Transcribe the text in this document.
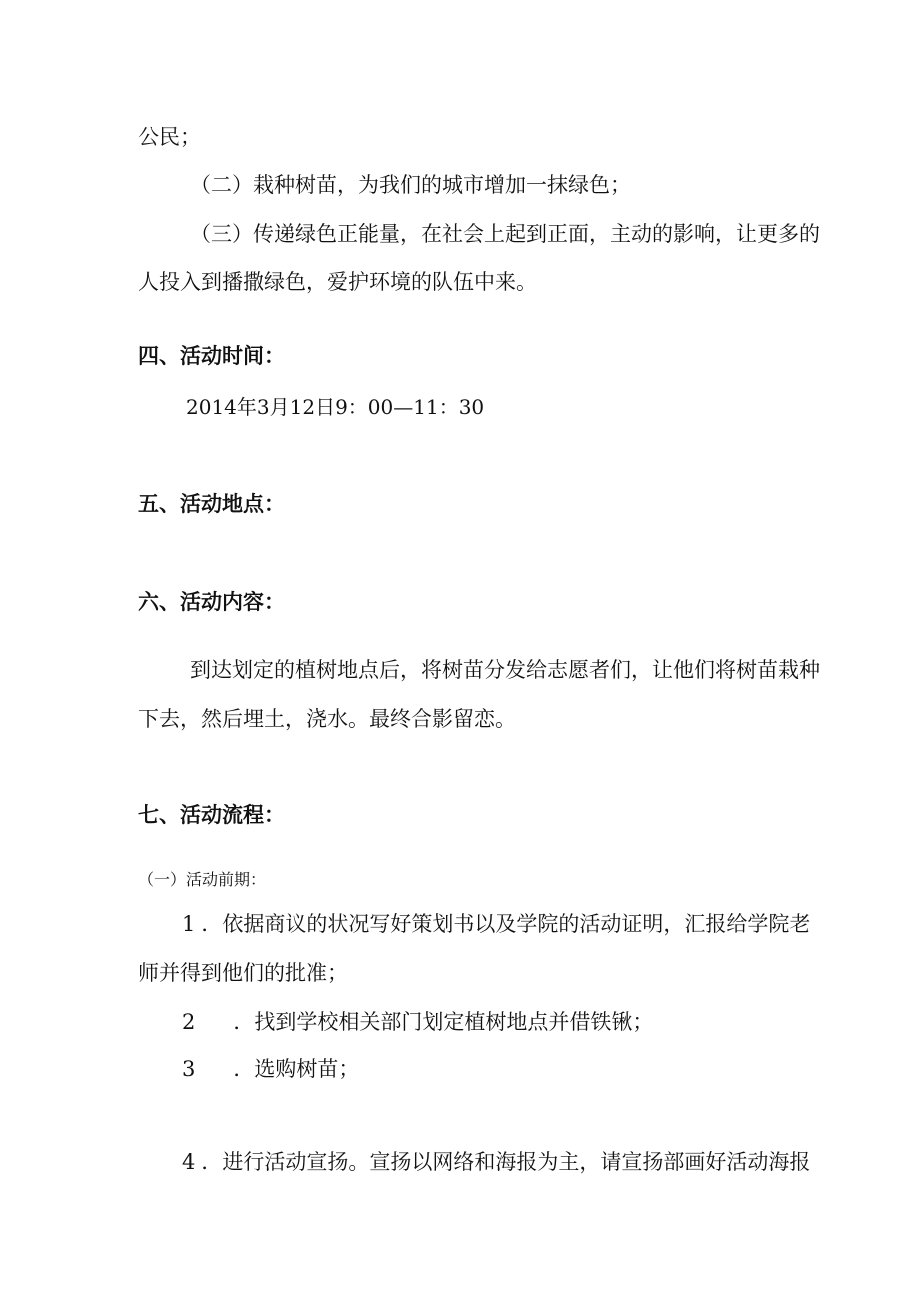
公民；
（二）栽种树苗，为我们的城市增加一抹绿色；
（三）传递绿色正能量，在社会上起到正面，主动的影响，让更多的
人投入到播撒绿色，爱护环境的队伍中来。
四、活动时间：
2014年3月12日9：00—11：30
五、活动地点：
六、活动内容：
到达划定的植树地点后，将树苗分发给志愿者们，让他们将树苗栽种
下去，然后埋土，浇水。最终合影留恋。
七、活动流程：
（一）活动前期：
1 ．依据商议的状况写好策划书以及学院的活动证明，汇报给学院老
师并得到他们的批准；
2 ．找到学校相关部门划定植树地点并借铁锹；
3 ．选购树苗；
4 ．进行活动宣扬。宣扬以网络和海报为主，请宣扬部画好活动海报
